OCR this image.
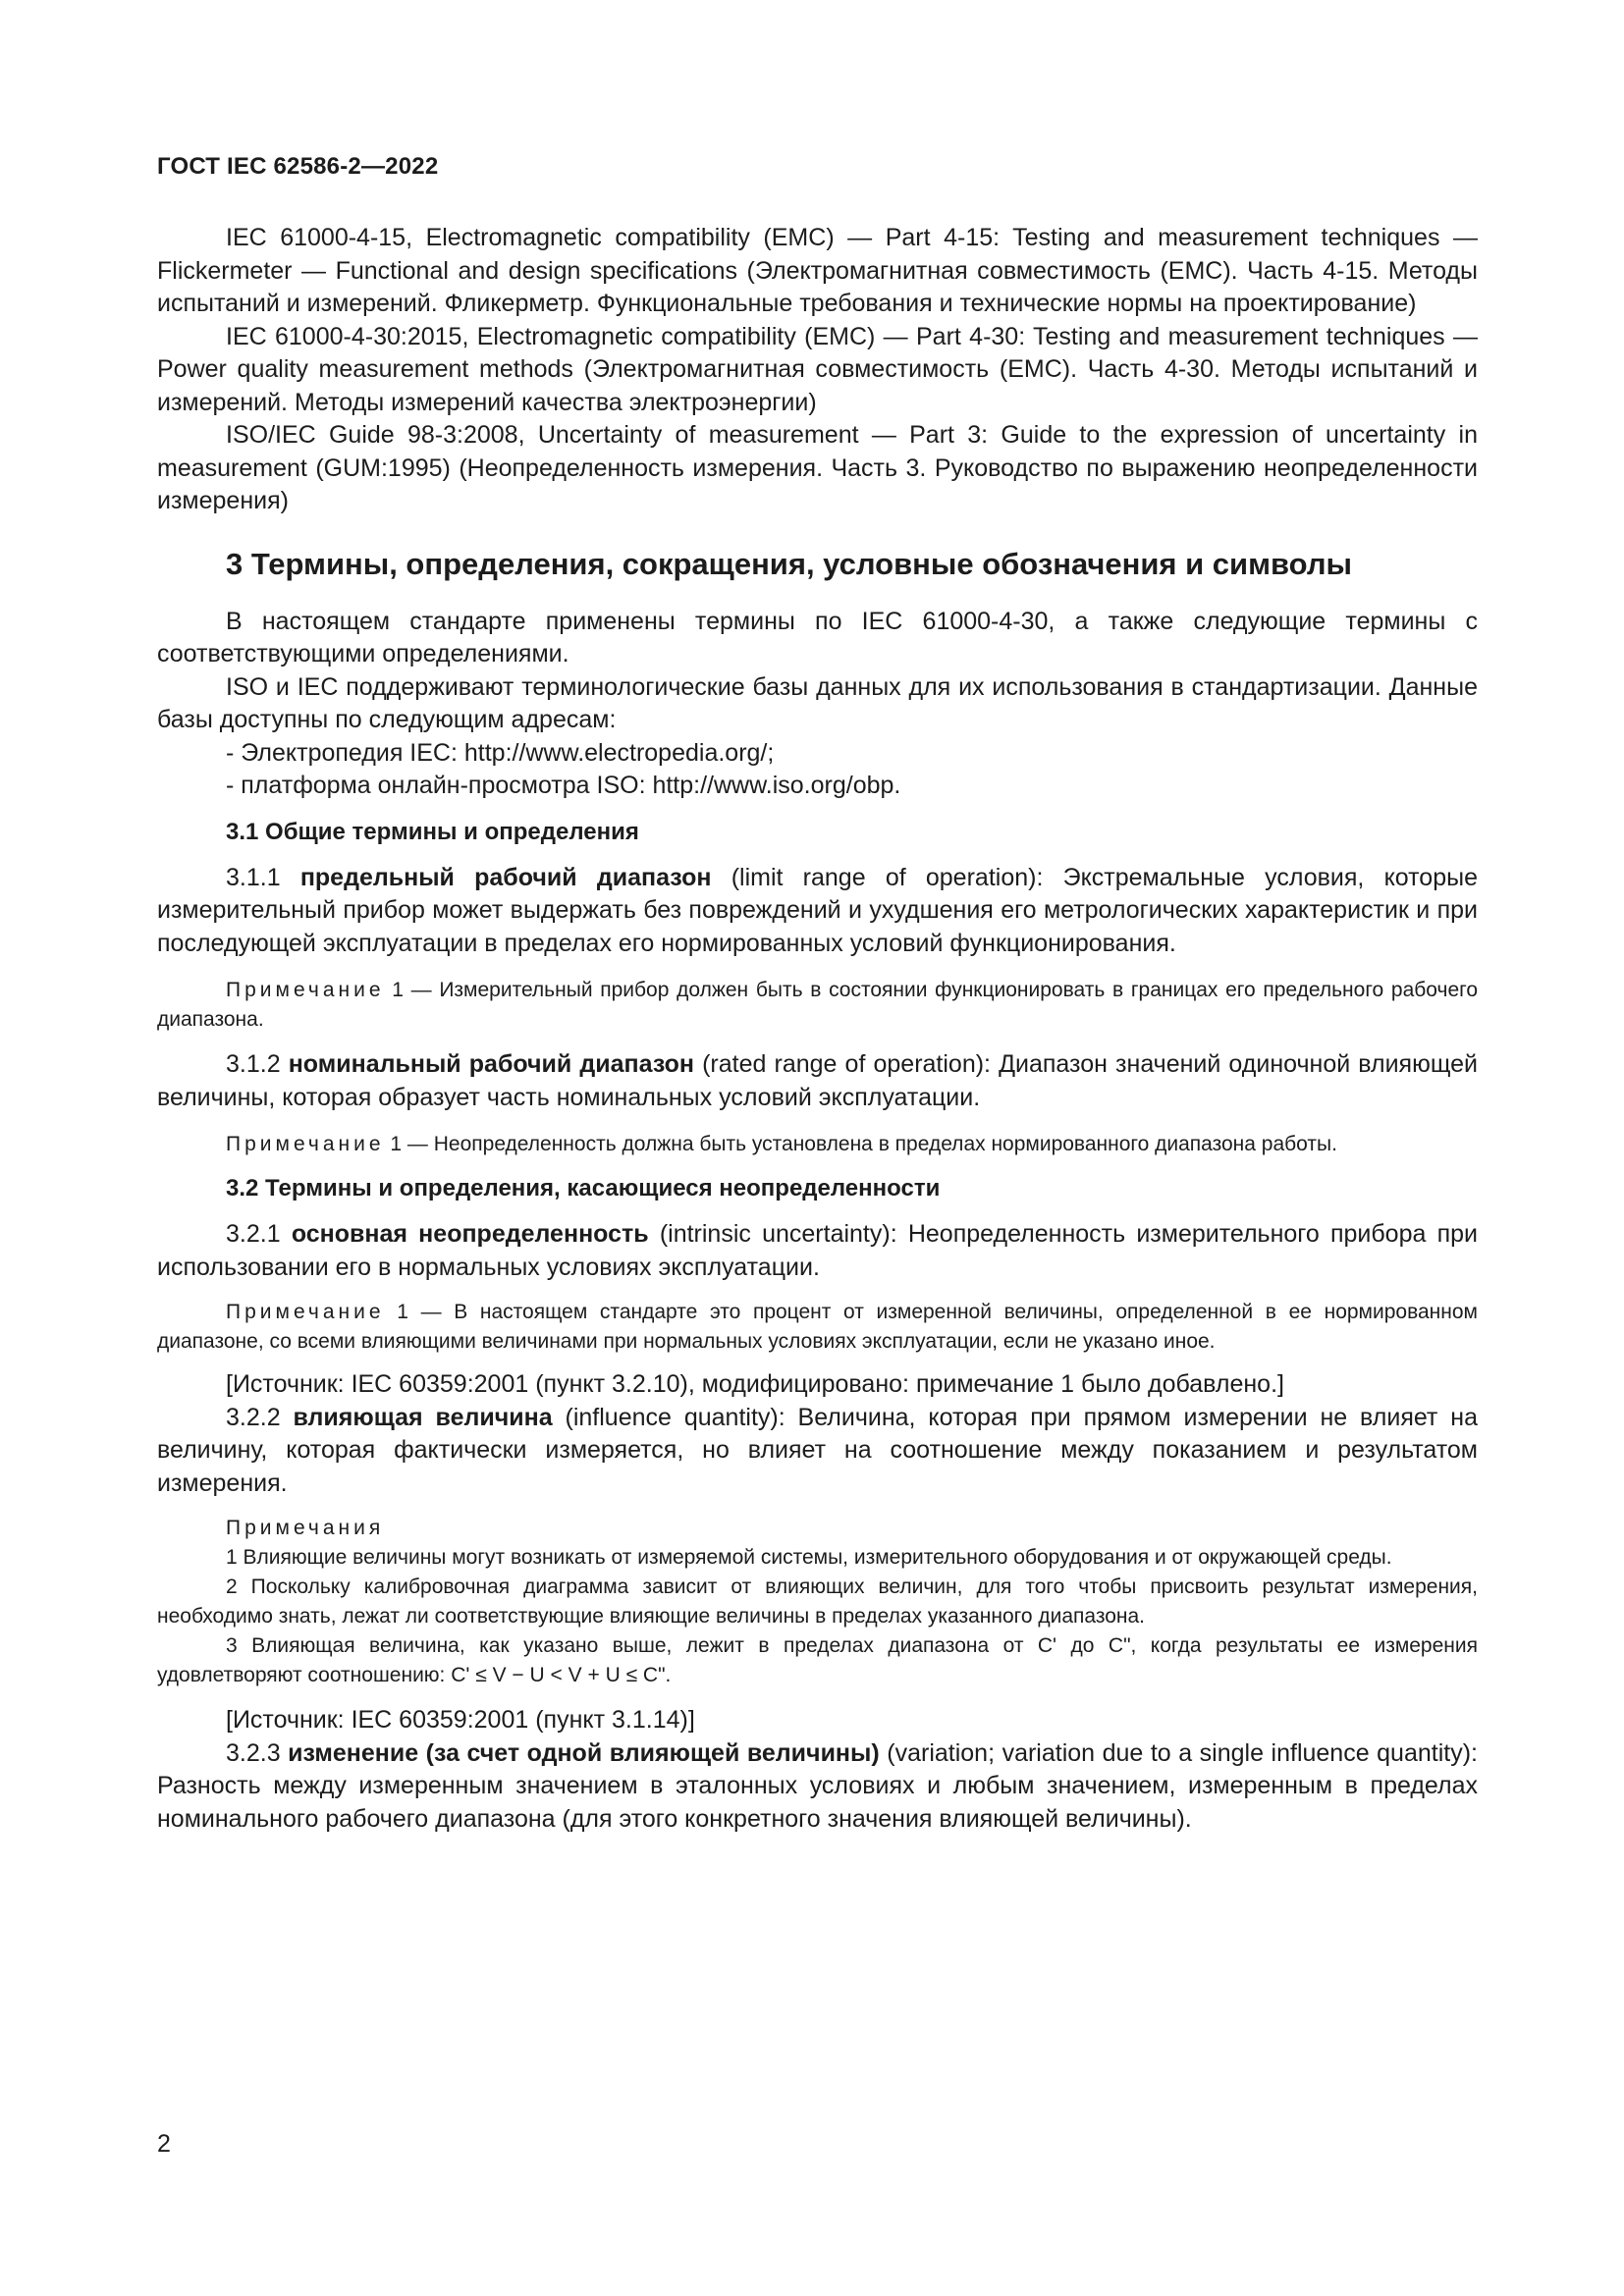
ГОСТ IEC 62586-2—2022

IEC 61000-4-15, Electromagnetic compatibility (EMC) — Part 4-15: Testing and measurement techniques — Flickermeter — Functional and design specifications (Электромагнитная совместимость (EMC). Часть 4-15. Методы испытаний и измерений. Фликерметр. Функциональные требования и технические нормы на проектирование)

IEC 61000-4-30:2015, Electromagnetic compatibility (EMC) — Part 4-30: Testing and measurement techniques — Power quality measurement methods (Электромагнитная совместимость (EMC). Часть 4-30. Методы испытаний и измерений. Методы измерений качества электроэнергии)

ISO/IEC Guide 98-3:2008, Uncertainty of measurement — Part 3: Guide to the expression of uncertainty in measurement (GUM:1995) (Неопределенность измерения. Часть 3. Руководство по выражению неопределенности измерения)

3 Термины, определения, сокращения, условные обозначения и символы

В настоящем стандарте применены термины по IEC 61000-4-30, а также следующие термины с соответствующими определениями.

ISO и IEC поддерживают терминологические базы данных для их использования в стандартизации. Данные базы доступны по следующим адресам:

- Электропедия IEC: http://www.electropedia.org/;

- платформа онлайн-просмотра ISO: http://www.iso.org/obp.

3.1 Общие термины и определения

3.1.1 предельный рабочий диапазон (limit range of operation): Экстремальные условия, которые измерительный прибор может выдержать без повреждений и ухудшения его метрологических характеристик и при последующей эксплуатации в пределах его нормированных условий функционирования.

Примечание 1 — Измерительный прибор должен быть в состоянии функционировать в границах его предельного рабочего диапазона.

3.1.2 номинальный рабочий диапазон (rated range of operation): Диапазон значений одиночной влияющей величины, которая образует часть номинальных условий эксплуатации.

Примечание 1 — Неопределенность должна быть установлена в пределах нормированного диапазона работы.

3.2 Термины и определения, касающиеся неопределенности

3.2.1 основная неопределенность (intrinsic uncertainty): Неопределенность измерительного прибора при использовании его в нормальных условиях эксплуатации.

Примечание 1 — В настоящем стандарте это процент от измеренной величины, определенной в ее нормированном диапазоне, со всеми влияющими величинами при нормальных условиях эксплуатации, если не указано иное.

[Источник: IEC 60359:2001 (пункт 3.2.10), модифицировано: примечание 1 было добавлено.]

3.2.2 влияющая величина (influence quantity): Величина, которая при прямом измерении не влияет на величину, которая фактически измеряется, но влияет на соотношение между показанием и результатом измерения.

Примечания

1 Влияющие величины могут возникать от измеряемой системы, измерительного оборудования и от окружающей среды.

2 Поскольку калибровочная диаграмма зависит от влияющих величин, для того чтобы присвоить результат измерения, необходимо знать, лежат ли соответствующие влияющие величины в пределах указанного диапазона.

3 Влияющая величина, как указано выше, лежит в пределах диапазона от C' до C", когда результаты ее измерения удовлетворяют соотношению: C' ≤ V − U < V + U ≤ C".

[Источник: IEC 60359:2001 (пункт 3.1.14)]

3.2.3 изменение (за счет одной влияющей величины) (variation; variation due to a single influence quantity): Разность между измеренным значением в эталонных условиях и любым значением, измеренным в пределах номинального рабочего диапазона (для этого конкретного значения влияющей величины).

2
